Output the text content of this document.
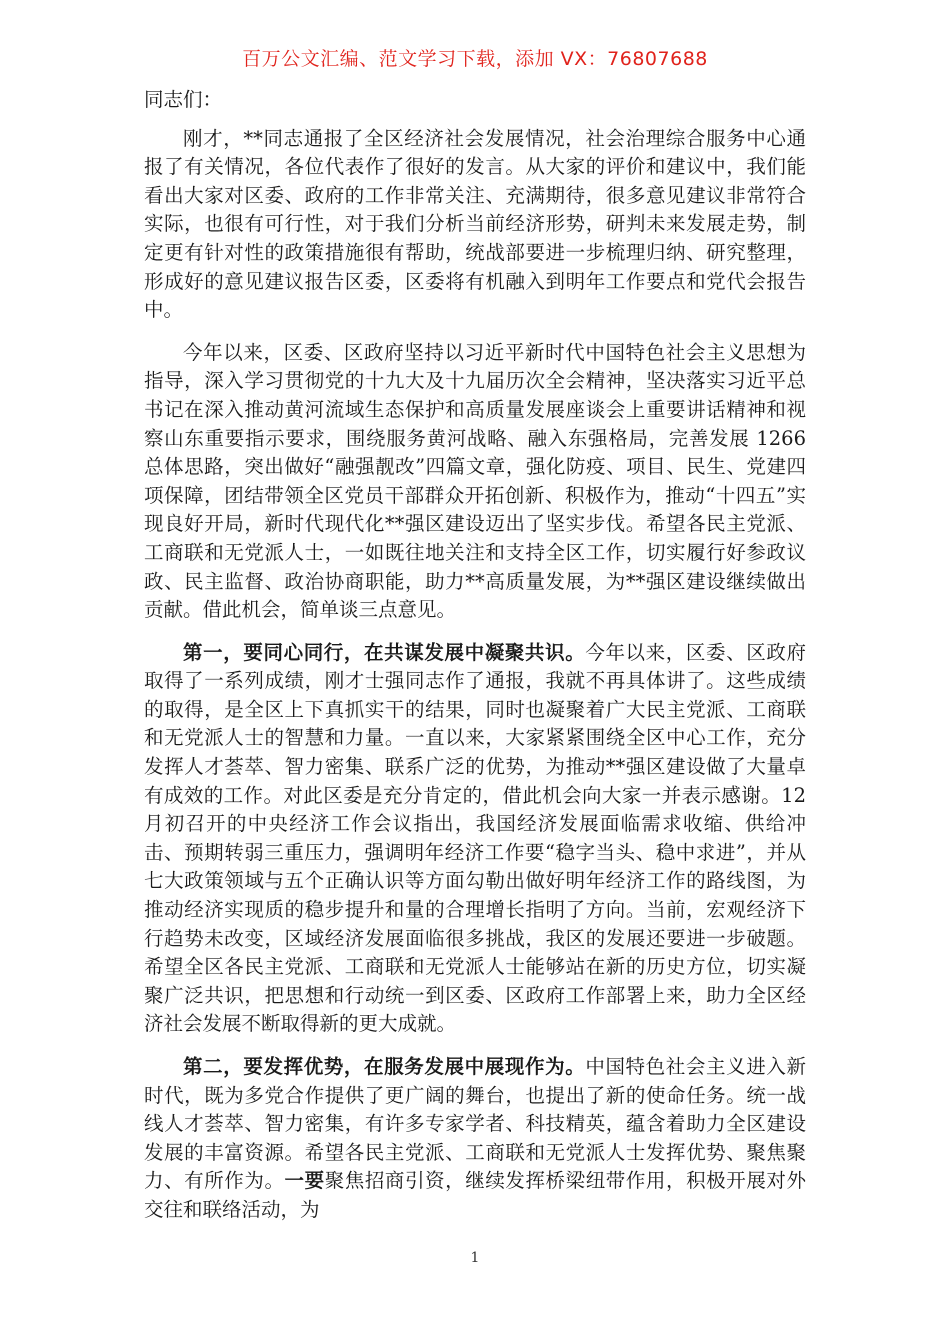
百万公文汇编、范文学习下载，添加 VX：76807688

同志们：

刚才，**同志通报了全区经济社会发展情况，社会治理综合服务中心通报了有关情况，各位代表作了很好的发言。从大家的评价和建议中，我们能看出大家对区委、政府的工作非常关注、充满期待，很多意见建议非常符合实际，也很有可行性，对于我们分析当前经济形势，研判未来发展走势，制定更有针对性的政策措施很有帮助，统战部要进一步梳理归纳、研究整理，形成好的意见建议报告区委，区委将有机融入到明年工作要点和党代会报告中。

今年以来，区委、区政府坚持以习近平新时代中国特色社会主义思想为指导，深入学习贯彻党的十九大及十九届历次全会精神，坚决落实习近平总书记在深入推动黄河流域生态保护和高质量发展座谈会上重要讲话精神和视察山东重要指示要求，围绕服务黄河战略、融入东强格局，完善发展 1266 总体思路，突出做好“融强靓改”四篇文章，强化防疫、项目、民生、党建四项保障，团结带领全区党员干部群众开拓创新、积极作为，推动“十四五”实现良好开局，新时代现代化**强区建设迈出了坚实步伐。希望各民主党派、工商联和无党派人士，一如既往地关注和支持全区工作，切实履行好参政议政、民主监督、政治协商职能，助力**高质量发展，为**强区建设继续做出贡献。借此机会，简单谈三点意见。

第一，要同心同行，在共谋发展中凝聚共识。今年以来，区委、区政府取得了一系列成绩，刚才士强同志作了通报，我就不再具体讲了。这些成绩的取得，是全区上下真抓实干的结果，同时也凝聚着广大民主党派、工商联和无党派人士的智慧和力量。一直以来，大家紧紧围绕全区中心工作，充分发挥人才荟萃、智力密集、联系广泛的优势，为推动**强区建设做了大量卓有成效的工作。对此区委是充分肯定的，借此机会向大家一并表示感谢。12 月初召开的中央经济工作会议指出，我国经济发展面临需求收缩、供给冲击、预期转弱三重压力，强调明年经济工作要“稳字当头、稳中求进”，并从七大政策领域与五个正确认识等方面勾勒出做好明年经济工作的路线图，为推动经济实现质的稳步提升和量的合理增长指明了方向。当前，宏观经济下行趋势未改变，区域经济发展面临很多挑战，我区的发展还要进一步破题。希望全区各民主党派、工商联和无党派人士能够站在新的历史方位，切实凝聚广泛共识，把思想和行动统一到区委、区政府工作部署上来，助力全区经济社会发展不断取得新的更大成就。

第二，要发挥优势，在服务发展中展现作为。中国特色社会主义进入新时代，既为多党合作提供了更广阔的舞台，也提出了新的使命任务。统一战线人才荟萃、智力密集，有许多专家学者、科技精英，蕴含着助力全区建设发展的丰富资源。希望各民主党派、工商联和无党派人士发挥优势、聚焦聚力、有所作为。一要聚焦招商引资，继续发挥桥梁纽带作用，积极开展对外交往和联络活动，为

1
